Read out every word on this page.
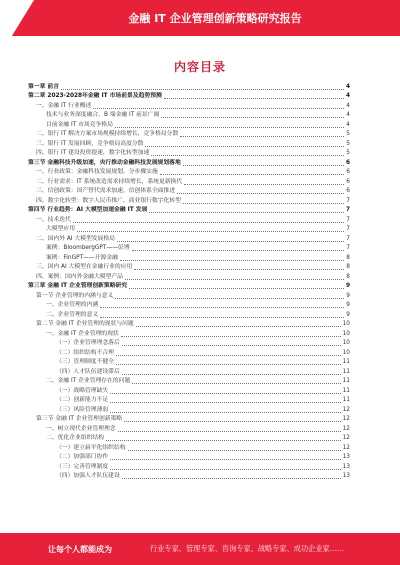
金融 IT 企业管理创新策略研究报告
内容目录
第一章 前言	4
第二章 2023-2028年金融 IT 市场前景及趋势预测	4
一、金融 IT 行业概述	4
技术与业务深度融合，B 端金融 IT 前景广阔	4
目前金融 IT 市场竞争格局	4
二、银行 IT 解决方案市场规模持续增长，竞争格局分散	5
三、银行 IT 发展回顾，竞争格局高度分散	5
四、银行 IT 建设投资提速，数字化转型加速	5
第三节 金融科技升级加速，央行推动金融科技发展规划落地	6
一、行业政策：金融科技发展规划，分步骤实施	6
二、行业需求：IT 系统改造需求持续增长，系统更新换代	6
三、信创政策：国产替代需求加速，信创体系全面推进	6
四、数字化转型：数字人民币推广，商业银行数字化转型	7
第四节 行业趋势：AI 大模型加速金融 IT 发展	7
一、技术迭代	7
大模型应用	7
二、国内外 AI 大模型发展格局	7
案例：BloombergGPT——彭博	7
案例：FinGPT——开源金融	8
三、国内 AI 大模型在金融行业的应用	8
四、案例：国内外金融大模型产品	8
第三章 金融 IT 企业管理创新策略研究	9
第一节 企业管理的内涵与意义	9
一、企业管理的内涵	9
二、企业管理的意义	9
第二节 金融 IT 企业管理的现状与问题	10
一、金融 IT 企业管理的现状	10
（一）企业管理理念落后	10
（二）组织结构不合理	10
（三）管理制度不健全	11
（四）人才队伍建设滞后	11
二、金融 IT 企业管理存在的问题	11
（一）战略管理缺失	11
（二）创新能力不足	11
（三）风险管理薄弱	12
第三节 金融 IT 企业管理创新策略	12
一、树立现代企业管理理念	12
二、优化企业组织结构	12
（一）建立扁平化组织结构	12
（二）加强部门协作	13
（三）完善管理制度	13
（四）加强人才队伍建设	13
让每个人都能成为	行业专家、管理专家、咨询专家、战略专家、成功企业家……
